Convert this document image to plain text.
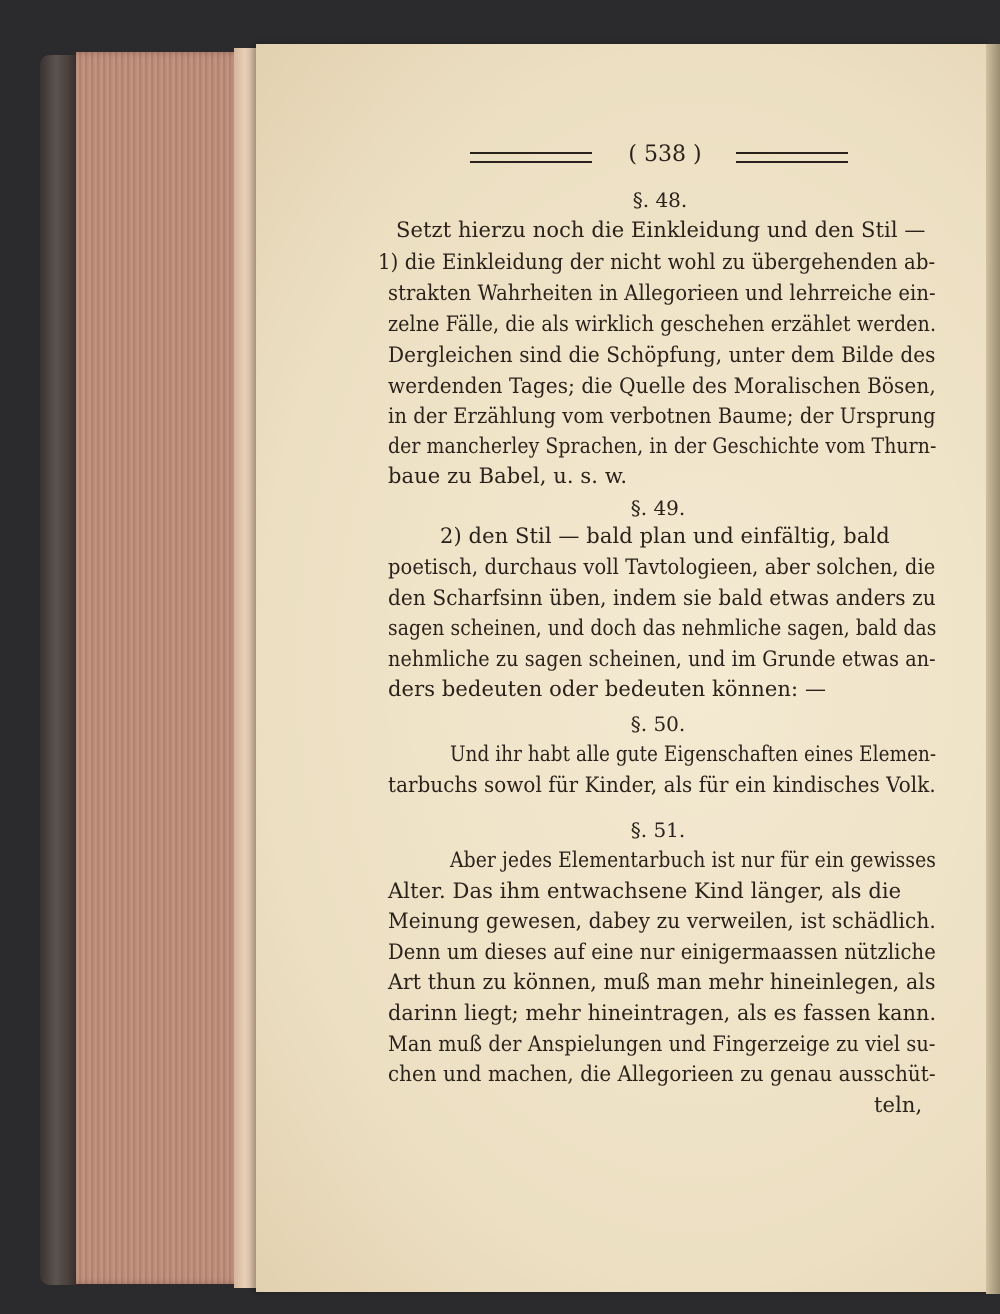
( 538 )
§. 48.
Setzt hierzu noch die Einkleidung und den Stil —
1) die Einkleidung der nicht wohl zu übergehenden ab-
strakten Wahrheiten in Allegorieen und lehrreiche ein-
zelne Fälle, die als wirklich geschehen erzählet werden.
Dergleichen sind die Schöpfung, unter dem Bilde des
werdenden Tages; die Quelle des Moralischen Bösen,
in der Erzählung vom verbotnen Baume; der Ursprung
der mancherley Sprachen, in der Geschichte vom Thurn-
baue zu Babel, u. s. w.
§. 49.
2) den Stil — bald plan und einfältig, bald
poetisch, durchaus voll Tavtologieen, aber solchen, die
den Scharfsinn üben, indem sie bald etwas anders zu
sagen scheinen, und doch das nehmliche sagen, bald das
nehmliche zu sagen scheinen, und im Grunde etwas an-
ders bedeuten oder bedeuten können: —
§. 50.
Und ihr habt alle gute Eigenschaften eines Elemen-
tarbuchs sowol für Kinder, als für ein kindisches Volk.
§. 51.
Aber jedes Elementarbuch ist nur für ein gewisses
Alter. Das ihm entwachsene Kind länger, als die
Meinung gewesen, dabey zu verweilen, ist schädlich.
Denn um dieses auf eine nur einigermaassen nützliche
Art thun zu können, muß man mehr hineinlegen, als
darinn liegt; mehr hineintragen, als es fassen kann.
Man muß der Anspielungen und Fingerzeige zu viel su-
chen und machen, die Allegorieen zu genau ausschüt-
teln,
